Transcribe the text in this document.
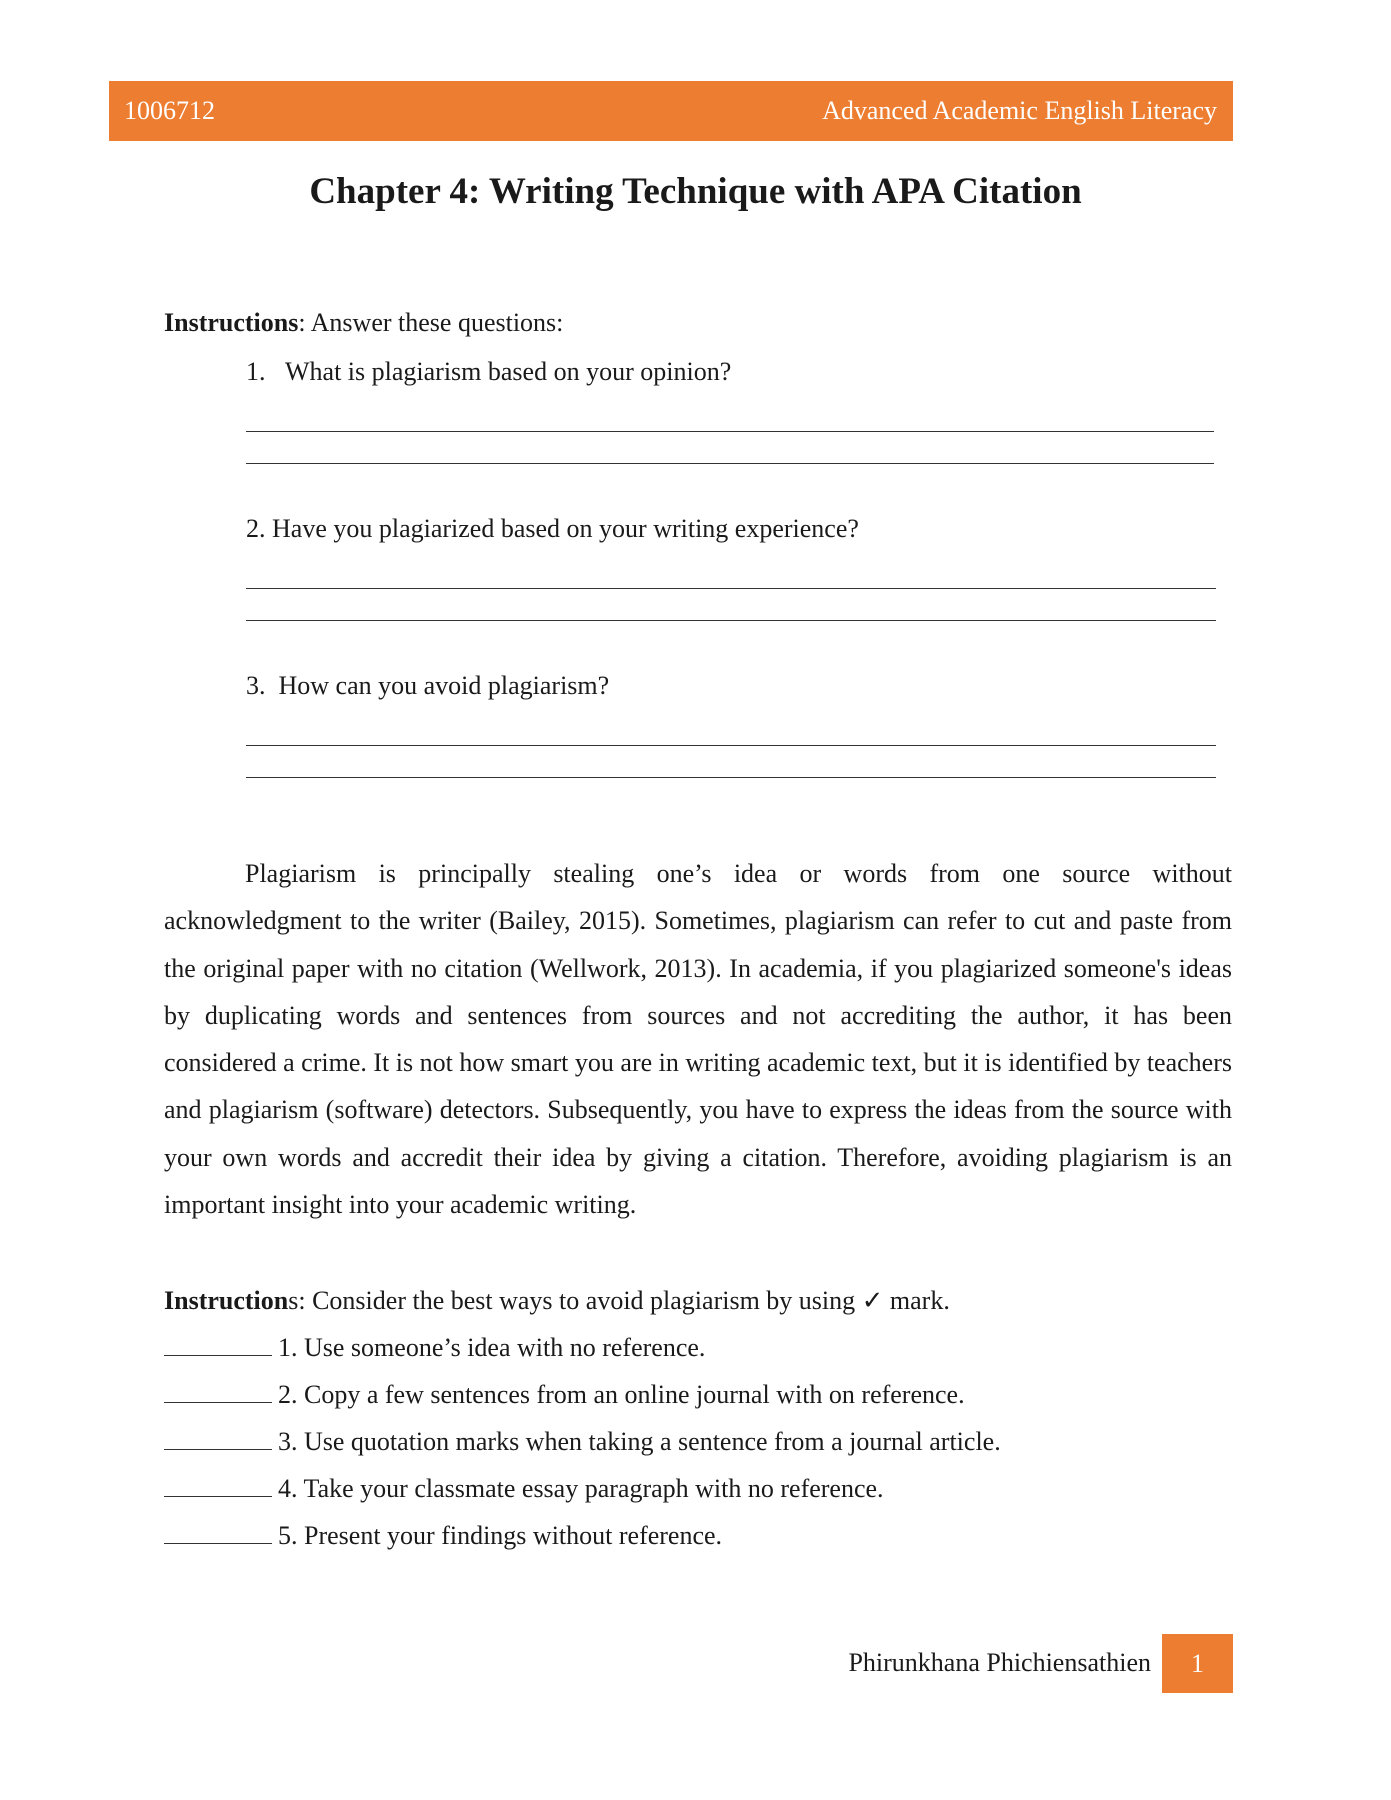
1006712	Advanced Academic English Literacy
Chapter 4: Writing Technique with APA Citation
Instructions: Answer these questions:
1. What is plagiarism based on your opinion?
2. Have you plagiarized based on your writing experience?
3. How can you avoid plagiarism?
Plagiarism is principally stealing one’s idea or words from one source without acknowledgment to the writer (Bailey, 2015). Sometimes, plagiarism can refer to cut and paste from the original paper with no citation (Wellwork, 2013). In academia, if you plagiarized someone's ideas by duplicating words and sentences from sources and not accrediting the author, it has been considered a crime. It is not how smart you are in writing academic text, but it is identified by teachers and plagiarism (software) detectors. Subsequently, you have to express the ideas from the source with your own words and accredit their idea by giving a citation. Therefore, avoiding plagiarism is an important insight into your academic writing.
Instructions: Consider the best ways to avoid plagiarism by using ✓ mark.
1. Use someone’s idea with no reference.
2. Copy a few sentences from an online journal with on reference.
3. Use quotation marks when taking a sentence from a journal article.
4. Take your classmate essay paragraph with no reference.
5. Present your findings without reference.
Phirunkhana Phichiensathien	1
